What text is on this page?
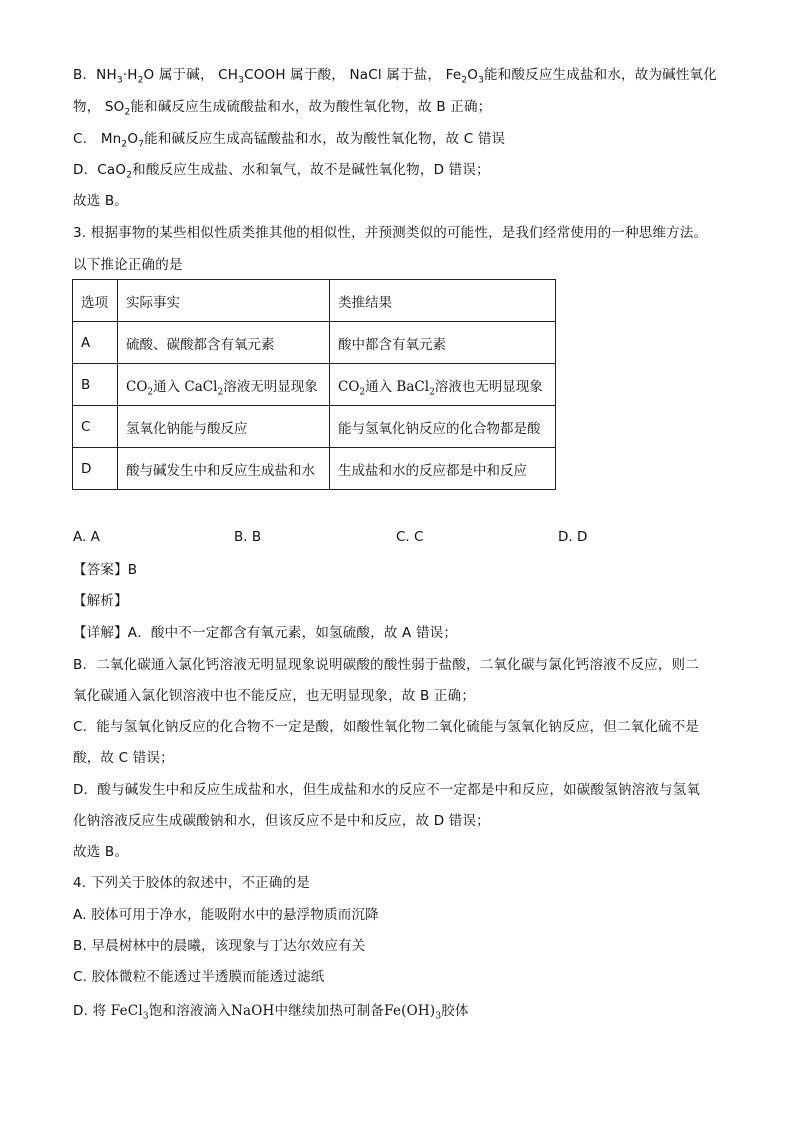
B．$NH_3\cdot H_2O$ 属于碱， $CH_3COOH$ 属于酸， NaCl 属于盐， $Fe_2O_3$能和酸反应生成盐和水，故为碱性氧化
物， $SO_2$能和碱反应生成硫酸盐和水，故为酸性氧化物，故 B 正确；
C． $Mn_2O_7$能和碱反应生成高锰酸盐和水，故为酸性氧化物，故 C 错误
D．CaO$_2$和酸反应生成盐、水和氧气，故不是碱性氧化物，D 错误；
故选 B。
3. 根据事物的某些相似性质类推其他的相似性，并预测类似的可能性，是我们经常使用的一种思维方法。
以下推论正确的是
选项	实际事实	类推结果
A	硫酸、碳酸都含有氧元素	酸中都含有氧元素
B	$CO_2$通入 CaCl$_2$溶液无明显现象	$CO_2$通入 BaCl$_2$溶液也无明显现象
C	氢氧化钠能与酸反应	能与氢氧化钠反应的化合物都是酸
D	酸与碱发生中和反应生成盐和水	生成盐和水的反应都是中和反应
A. A	B. B	C. C	D. D
【答案】B
【解析】
【详解】A．酸中不一定都含有氧元素，如氢硫酸，故 A 错误；
B．二氧化碳通入氯化钙溶液无明显现象说明碳酸的酸性弱于盐酸，二氧化碳与氯化钙溶液不反应，则二
氧化碳通入氯化钡溶液中也不能反应，也无明显现象，故 B 正确；
C．能与氢氧化钠反应的化合物不一定是酸，如酸性氧化物二氧化硫能与氢氧化钠反应，但二氧化硫不是
酸，故 C 错误；
D．酸与碱发生中和反应生成盐和水，但生成盐和水的反应不一定都是中和反应，如碳酸氢钠溶液与氢氧
化钠溶液反应生成碳酸钠和水，但该反应不是中和反应，故 D 错误；
故选 B。
4. 下列关于胶体的叙述中，不正确的是
A. 胶体可用于净水，能吸附水中的悬浮物质而沉降
B. 早晨树林中的晨曦，该现象与丁达尔效应有关
C. 胶体微粒不能透过半透膜而能透过滤纸
D. 将 FeCl$_3$饱和溶液滴入NaOH中继续加热可制备$Fe(OH)_3$胶体
